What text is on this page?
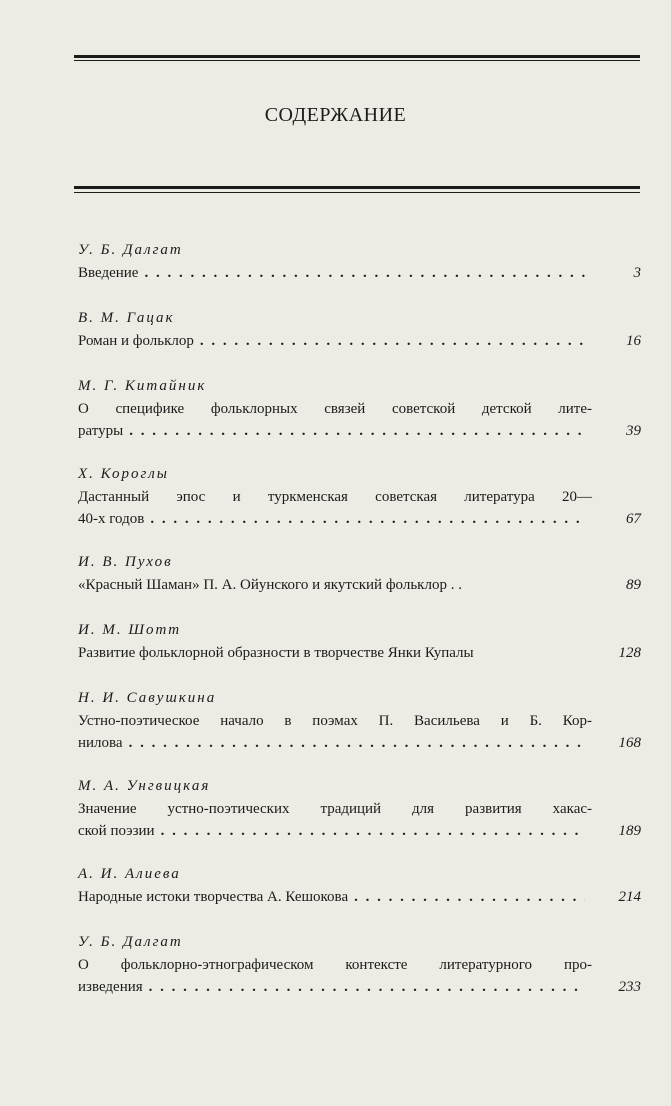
СОДЕРЖАНИЕ
У. Б. Далгат
Введение . . .	3
В. М. Гацак
Роман и фольклор . . .	16
М. Г. Китайник
О специфике фольклорных связей советской детской лите-
ратуры . . .	39
Х. Короглы
Дастанный эпос и туркменская советская литература 20—
40-х годов . . .	67
И. В. Пухов
«Красный Шаман» П. А. Ойунского и якутский фольклор . .	89
И. М. Шотт
Развитие фольклорной образности в творчестве Янки Купалы	128
Н. И. Савушкина
Устно-поэтическое начало в поэмах П. Васильева и Б. Кор-
нилова . . .	168
М. А. Унгвицкая
Значение устно-поэтических традиций для развития хакас-
ской поэзии . . .	189
А. И. Алиева
Народные истоки творчества А. Кешокова . . .	214
У. Б. Далгат
О фольклорно-этнографическом контексте литературного про-
изведения . . .	233
